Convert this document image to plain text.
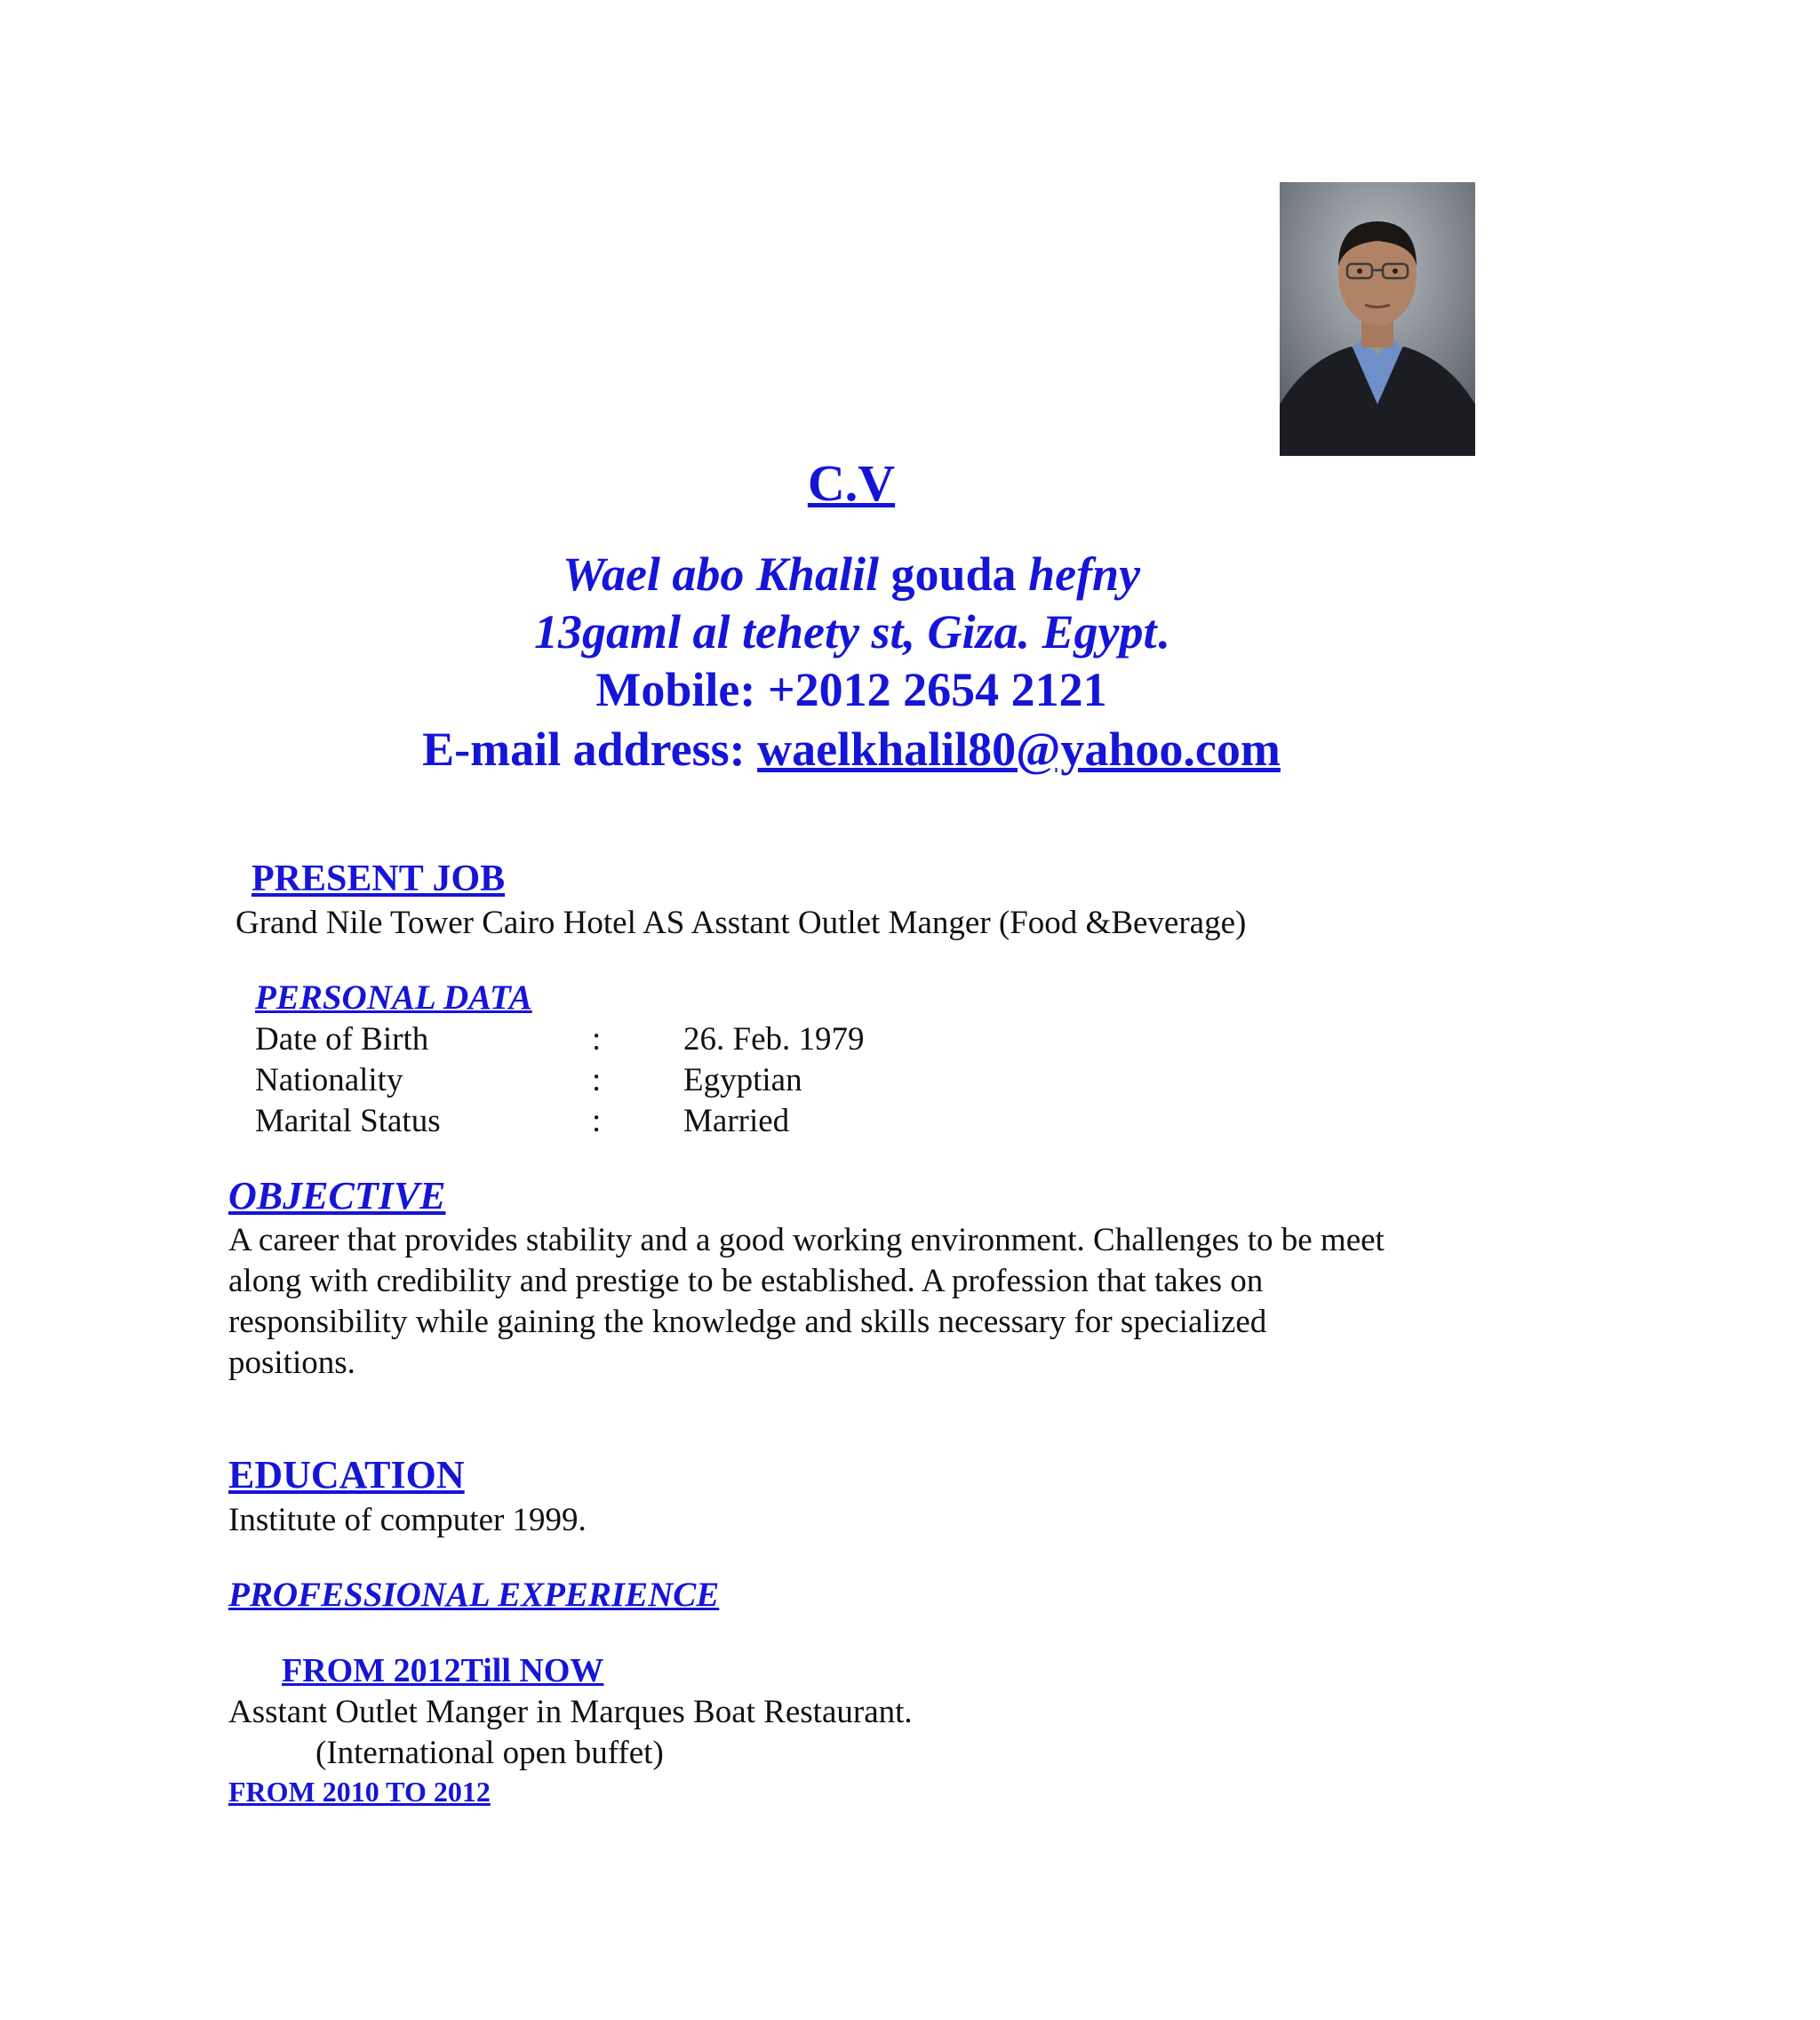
C.V
Wael abo Khalil gouda hefny
13gaml al tehety st, Giza. Egypt.
Mobile: +2012 2654 2121
E-mail address: waelkhalil80@yahoo.com
PRESENT JOB
Grand Nile Tower Cairo Hotel AS Asstant Outlet Manger (Food &Beverage)
PERSONAL DATA
Date of Birth	:	26. Feb. 1979
Nationality	:	Egyptian
Marital Status	:	Married
OBJECTIVE
A career that provides stability and a good working environment. Challenges to be meet
along with credibility and prestige to be established. A profession that takes on
responsibility while gaining the knowledge and skills necessary for specialized
positions.
EDUCATION
Institute of computer 1999.
PROFESSIONAL EXPERIENCE
FROM 2012Till NOW
Asstant Outlet Manger in Marques Boat Restaurant.
(International open buffet)
FROM 2010 TO 2012
